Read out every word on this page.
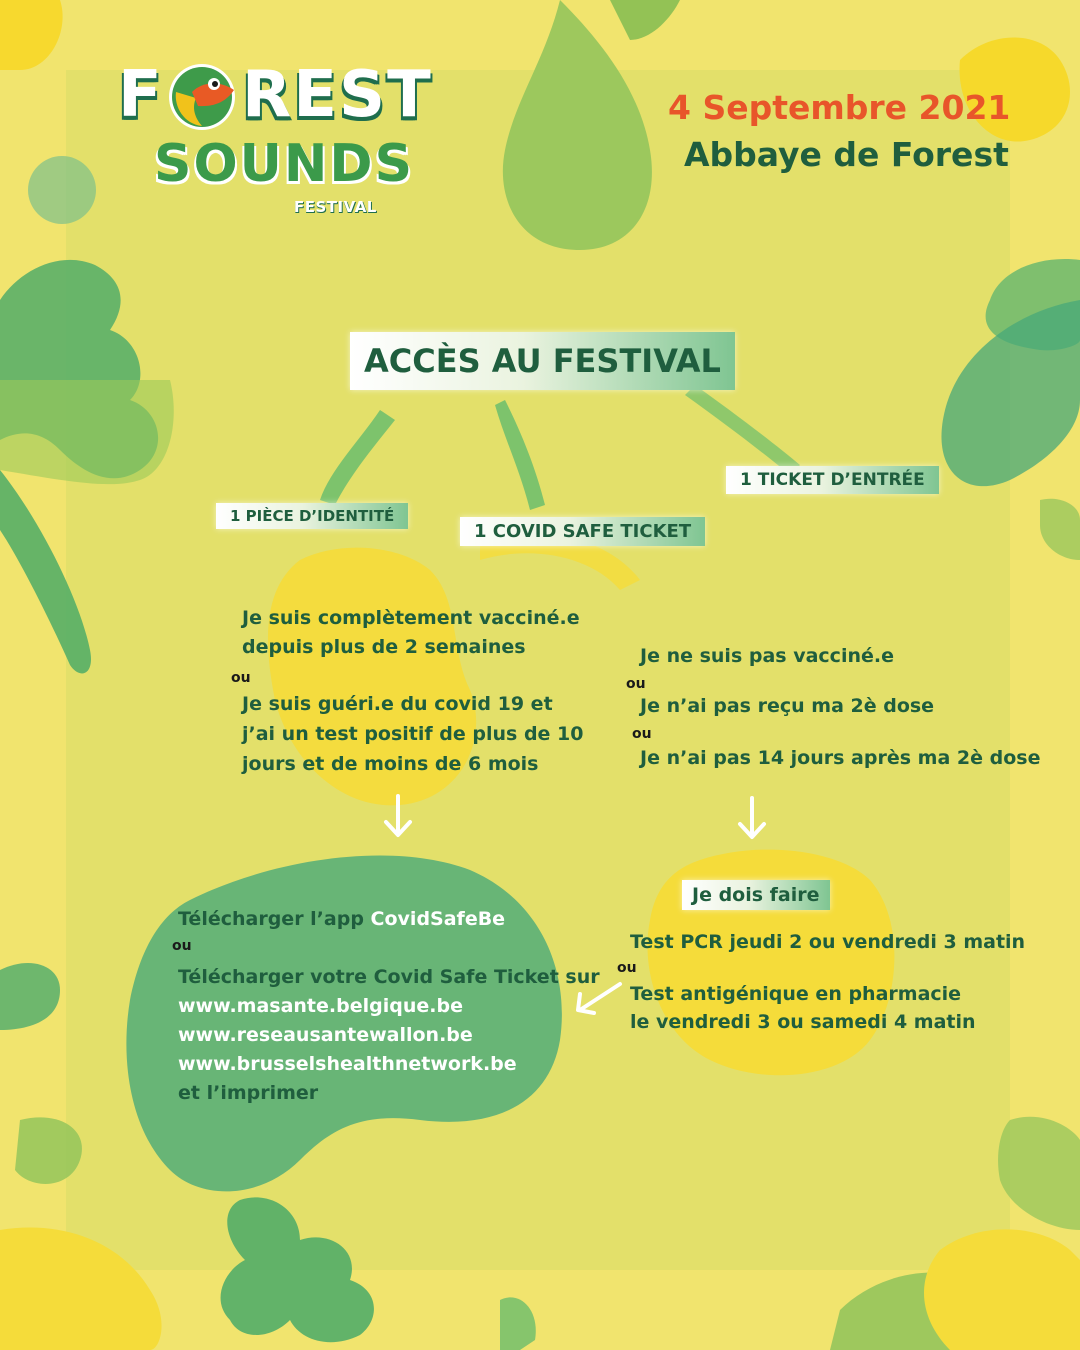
F REST
SOUNDS
FESTIVAL
4 Septembre 2021
Abbaye de Forest
ACCÈS AU FESTIVAL
1 PIÈCE D’IDENTITÉ
1 COVID SAFE TICKET
1 TICKET D’ENTRÉE
Je suis complètement vacciné.e
depuis plus de 2 semaines
ou
Je suis guéri.e du covid 19 et
j’ai un test positif de plus de 10
jours et de moins de 6 mois
Je ne suis pas vacciné.e
ou
Je n’ai pas reçu ma 2è dose
ou
Je n’ai pas 14 jours après ma 2è dose
Je dois faire
Test PCR jeudi 2 ou vendredi 3 matin
ou
Test antigénique en pharmacie
le vendredi 3 ou samedi 4 matin
Télécharger l’app CovidSafeBe
ou
Télécharger votre Covid Safe Ticket sur
www.masante.belgique.be
www.reseausantewallon.be
www.brusselshealthnetwork.be
et l’imprimer
